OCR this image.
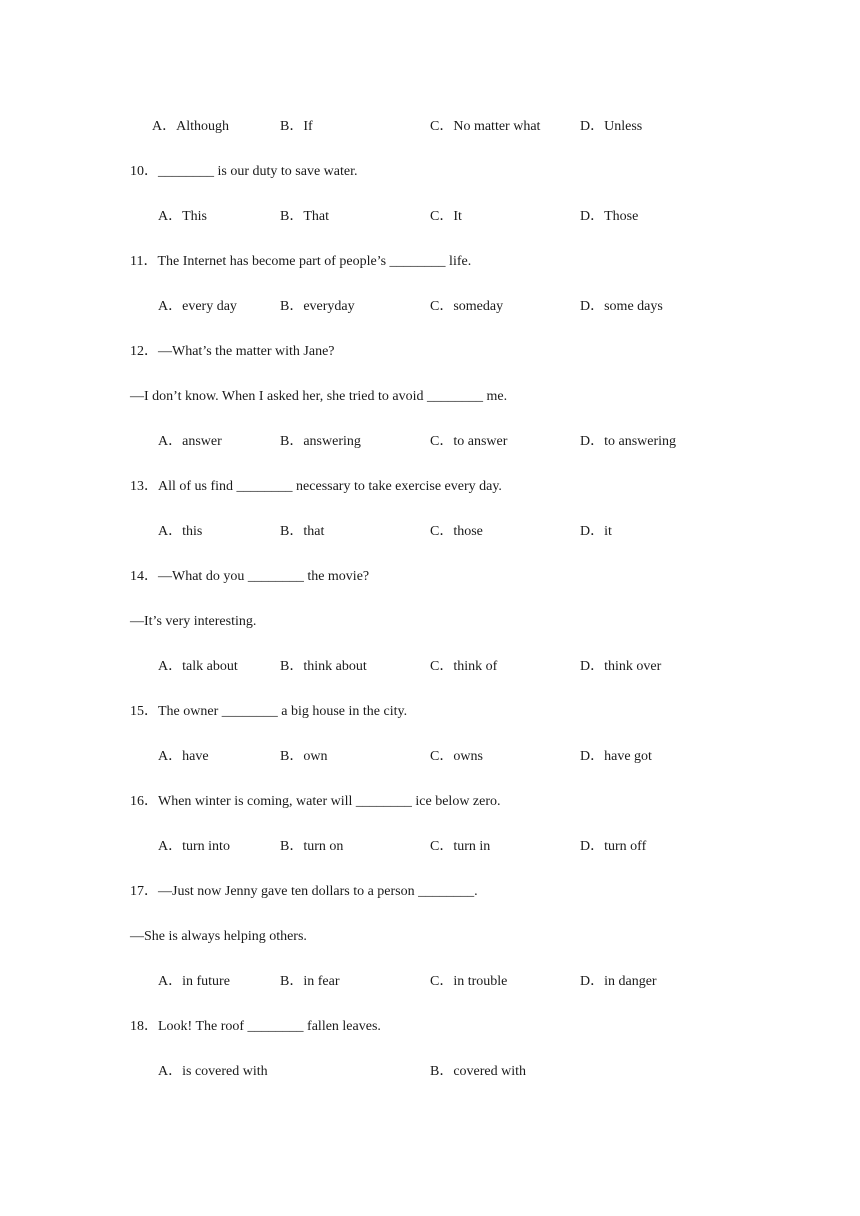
A．Although	B．If	C．No matter what	D．Unless
10．________ is our duty to save water.
A．This	B．That	C．It	D．Those
11．The Internet has become part of people’s ________ life.
A．every day	B．everyday	C．someday	D．some days
12．—What’s the matter with Jane?
—I don’t know. When I asked her, she tried to avoid ________ me.
A．answer	B．answering	C．to answer	D．to answering
13．All of us find ________ necessary to take exercise every day.
A．this	B．that	C．those	D．it
14．—What do you ________ the movie?
—It’s very interesting.
A．talk about	B．think about	C．think of	D．think over
15．The owner ________ a big house in the city.
A．have	B．own	C．owns	D．have got
16．When winter is coming, water will ________ ice below zero.
A．turn into	B．turn on	C．turn in	D．turn off
17．—Just now Jenny gave ten dollars to a person ________.
—She is always helping others.
A．in future	B．in fear	C．in trouble	D．in danger
18．Look! The roof ________ fallen leaves.
A．is covered with	B．covered with
